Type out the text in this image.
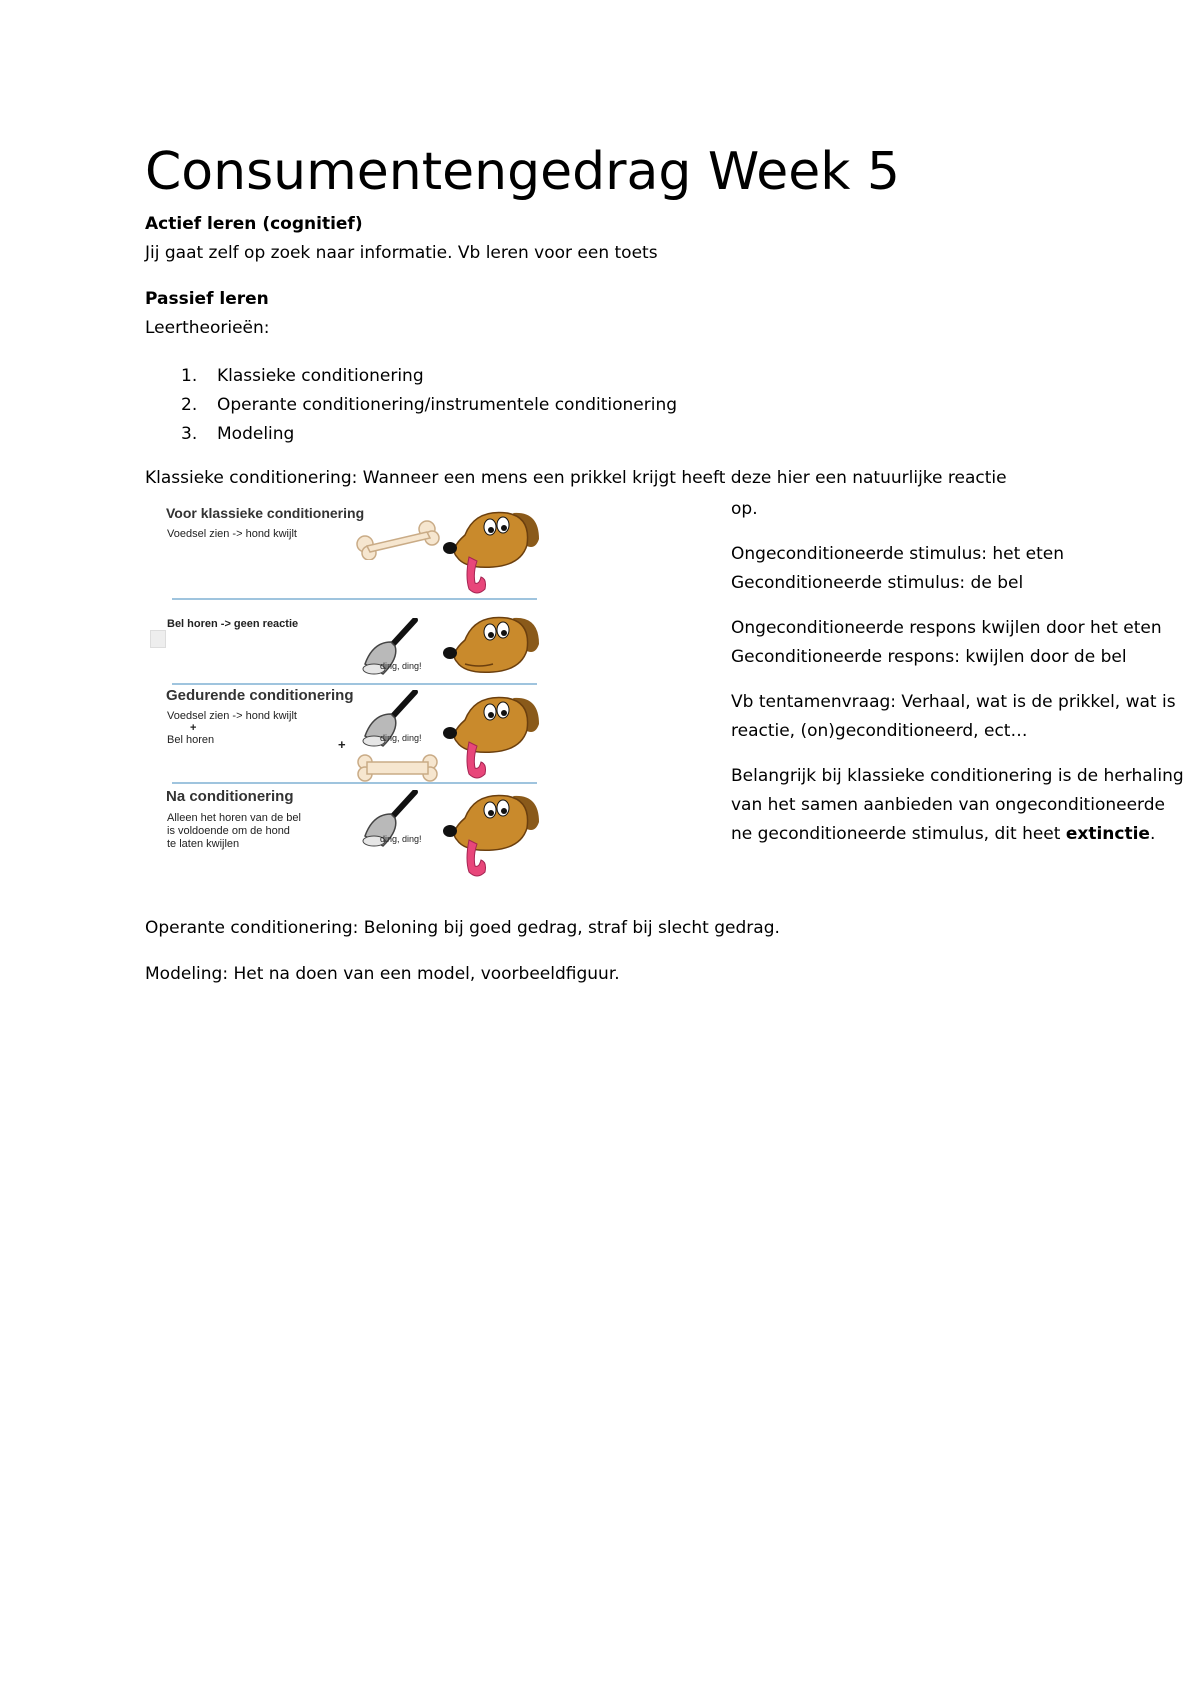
Consumentengedrag Week 5

Actief leren (cognitief)

Jij gaat zelf op zoek naar informatie. Vb leren voor een toets

Passief leren

Leertheorieën:

1. Klassieke conditionering
2. Operante conditionering/instrumentele conditionering
3. Modeling

Klassieke conditionering: Wanneer een mens een prikkel krijgt heeft deze hier een natuurlijke reactie

op.

Ongeconditioneerde stimulus: het eten

Geconditioneerde stimulus: de bel

Ongeconditioneerde respons kwijlen door het eten

Geconditioneerde respons: kwijlen door de bel

Vb tentamenvraag: Verhaal, wat is de prikkel, wat is

reactie, (on)geconditioneerd, ect…

Belangrijk bij klassieke conditionering is de herhaling

van het samen aanbieden van ongeconditioneerde

ne geconditioneerde stimulus, dit heet extinctie.

Operante conditionering: Beloning bij goed gedrag, straf bij slecht gedrag.

Modeling: Het na doen van een model, voorbeeldfiguur.

Voor klassieke conditionering
Voedsel zien -> hond kwijlt
Bel horen -> geen reactie
ding, ding!
Gedurende conditionering
Voedsel zien -> hond kwijlt
+
Bel horen	ding, ding!
+
Na conditionering
Alleen het horen van de bel
is voldoende om de hond
te laten kwijlen	ding, ding!
